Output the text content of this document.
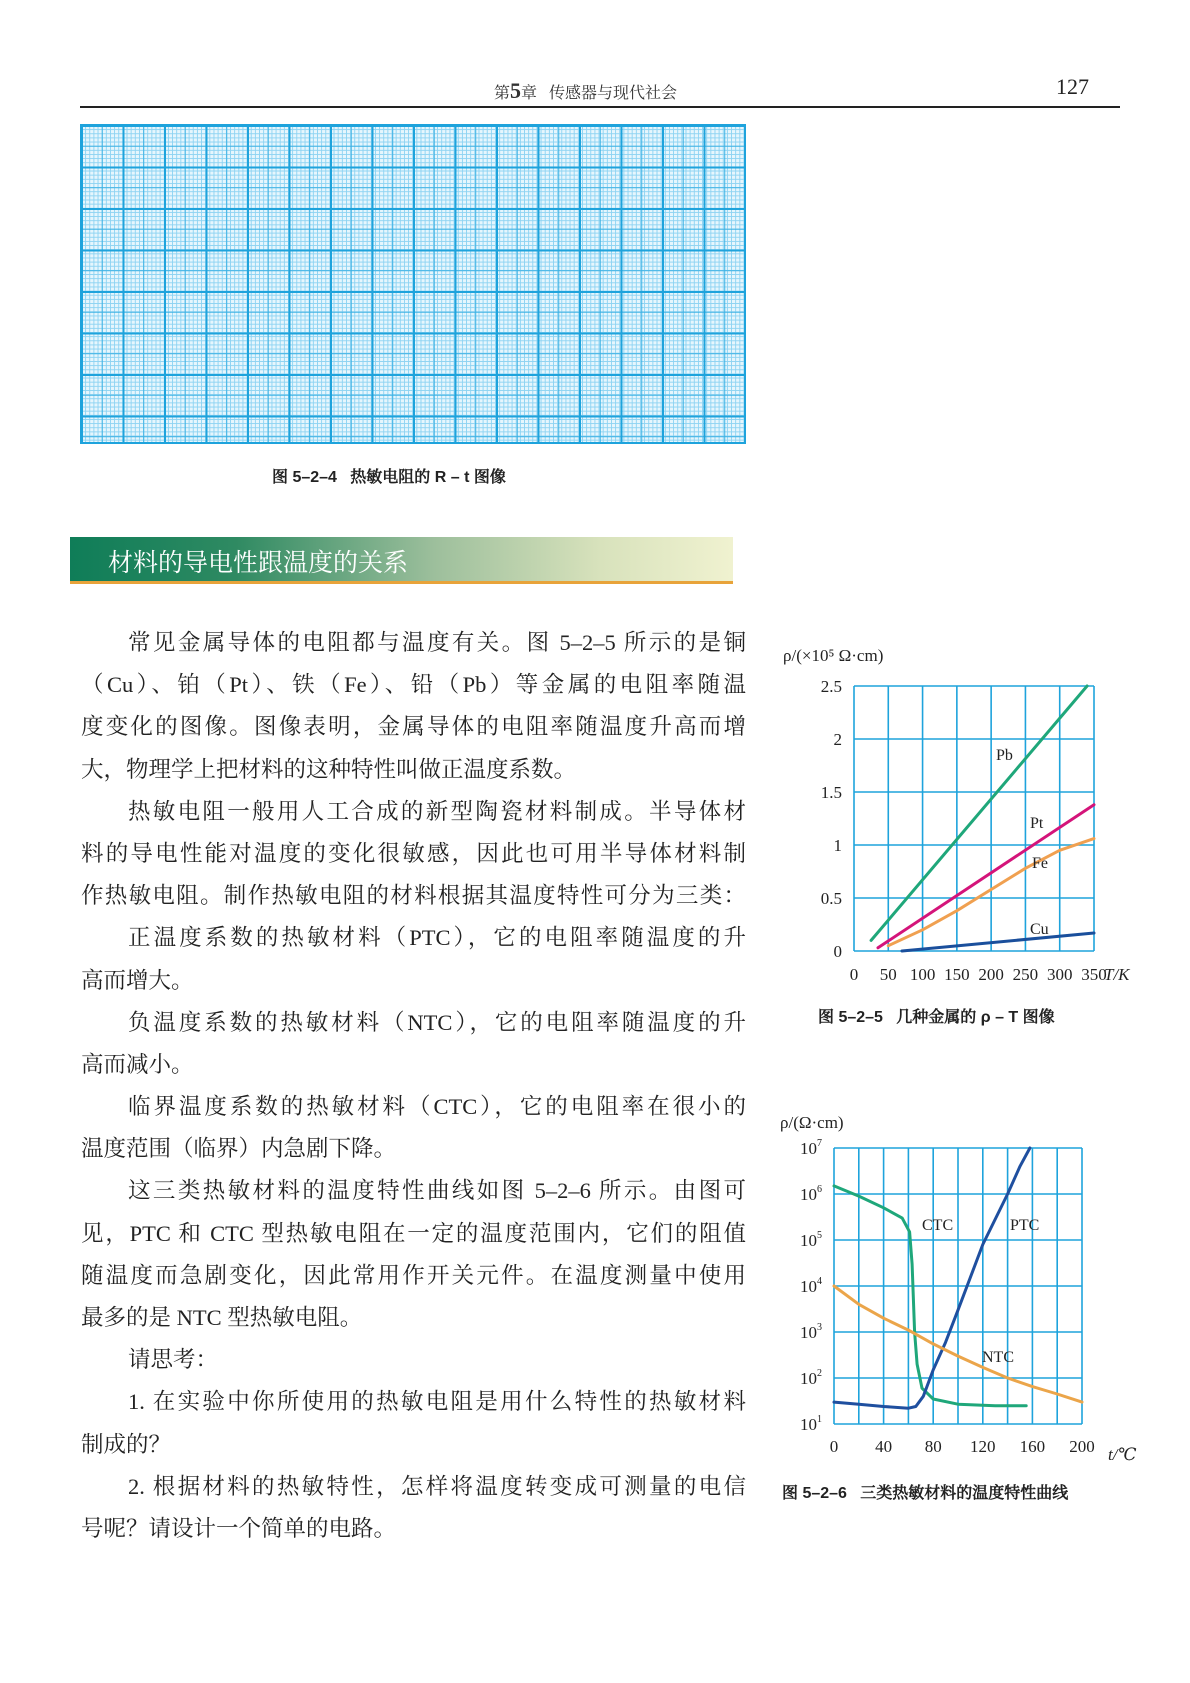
第5章 传感器与现代社会	127
图 5–2–4   热敏电阻的 R – t 图像
材料的导电性跟温度的关系
常见金属导体的电阻都与温度有关。图 5–2–5 所示的是铜
（Cu）、铂（Pt）、铁（Fe）、铅（Pb）等金属的电阻率随温
度变化的图像。图像表明，金属导体的电阻率随温度升高而增
大，物理学上把材料的这种特性叫做正温度系数。
热敏电阻一般用人工合成的新型陶瓷材料制成。半导体材
料的导电性能对温度的变化很敏感，因此也可用半导体材料制
作热敏电阻。制作热敏电阻的材料根据其温度特性可分为三类：
正温度系数的热敏材料（PTC），它的电阻率随温度的升
高而增大。
负温度系数的热敏材料（NTC），它的电阻率随温度的升
高而减小。
临界温度系数的热敏材料（CTC），它的电阻率在很小的
温度范围（临界）内急剧下降。
这三类热敏材料的温度特性曲线如图 5–2–6 所示。由图可
见，PTC 和 CTC 型热敏电阻在一定的温度范围内，它们的阻值
随温度而急剧变化，因此常用作开关元件。在温度测量中使用
最多的是 NTC 型热敏电阻。
请思考：
1. 在实验中你所使用的热敏电阻是用什么特性的热敏材料
制成的？
2. 根据材料的热敏特性，怎样将温度转变成可测量的电信
号呢？请设计一个简单的电路。
Pb
Pt
Fe
Cu
0
0.5
1
1.5
2
2.5
0 50 100 150 200 250 300 350
T/K
ρ/(×10⁵ Ω·cm)
CTC	PTC
NTC
$10^1$
$10^2$
$10^3$
$10^4$
$10^5$
$10^6$
$10^7$
0 40 80 120 160 200 t/℃
ρ/(Ω·cm)
图 5–2–5   几种金属的 ρ – T 图像
图 5–2–6   三类热敏材料的温度特性曲线
